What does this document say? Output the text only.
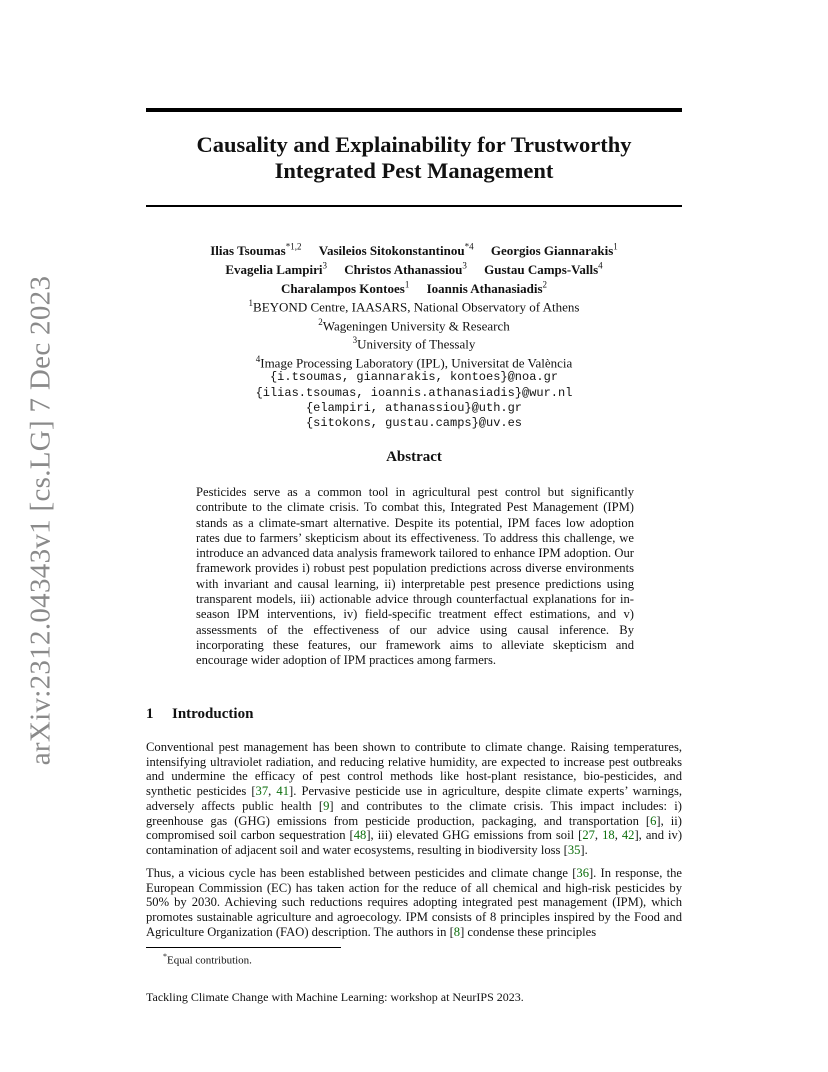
arXiv:2312.04343v1 [cs.LG] 7 Dec 2023
Causality and Explainability for Trustworthy Integrated Pest Management
Ilias Tsoumas$^{*1,2}$ Vasileios Sitokonstantinou$^{*4}$ Georgios Giannarakis$^1$
Evagelia Lampiri$^3$ Christos Athanassiou$^3$ Gustau Camps-Valls$^4$
Charalampos Kontoes$^1$ Ioannis Athanasiadis$^2$
$^1$BEYOND Centre, IAASARS, National Observatory of Athens
$^2$Wageningen University & Research
$^3$University of Thessaly
$^4$Image Processing Laboratory (IPL), Universitat de València
{i.tsoumas, giannarakis, kontoes}@noa.gr
{ilias.tsoumas, ioannis.athanasiadis}@wur.nl
{elampiri, athanassiou}@uth.gr
{sitokons, gustau.camps}@uv.es
Abstract
Pesticides serve as a common tool in agricultural pest control but significantly contribute to the climate crisis. To combat this, Integrated Pest Management (IPM) stands as a climate-smart alternative. Despite its potential, IPM faces low adoption rates due to farmers’ skepticism about its effectiveness. To address this challenge, we introduce an advanced data analysis framework tailored to enhance IPM adoption. Our framework provides i) robust pest population predictions across diverse environments with invariant and causal learning, ii) interpretable pest presence predictions using transparent models, iii) actionable advice through counterfactual explanations for in-season IPM interventions, iv) field-specific treatment effect estimations, and v) assessments of the effectiveness of our advice using causal inference. By incorporating these features, our framework aims to alleviate skepticism and encourage wider adoption of IPM practices among farmers.
1 Introduction
Conventional pest management has been shown to contribute to climate change. Raising temperatures, intensifying ultraviolet radiation, and reducing relative humidity, are expected to increase pest outbreaks and undermine the efficacy of pest control methods like host-plant resistance, bio-pesticides, and synthetic pesticides [37, 41]. Pervasive pesticide use in agriculture, despite climate experts’ warnings, adversely affects public health [9] and contributes to the climate crisis. This impact includes: i) greenhouse gas (GHG) emissions from pesticide production, packaging, and transportation [6], ii) compromised soil carbon sequestration [48], iii) elevated GHG emissions from soil [27, 18, 42], and iv) contamination of adjacent soil and water ecosystems, resulting in biodiversity loss [35].
Thus, a vicious cycle has been established between pesticides and climate change [36]. In response, the European Commission (EC) has taken action for the reduce of all chemical and high-risk pesticides by 50% by 2030. Achieving such reductions requires adopting integrated pest management (IPM), which promotes sustainable agriculture and agroecology. IPM consists of 8 principles inspired by the Food and Agriculture Organization (FAO) description. The authors in [8] condense these principles
*Equal contribution.
Tackling Climate Change with Machine Learning: workshop at NeurIPS 2023.
